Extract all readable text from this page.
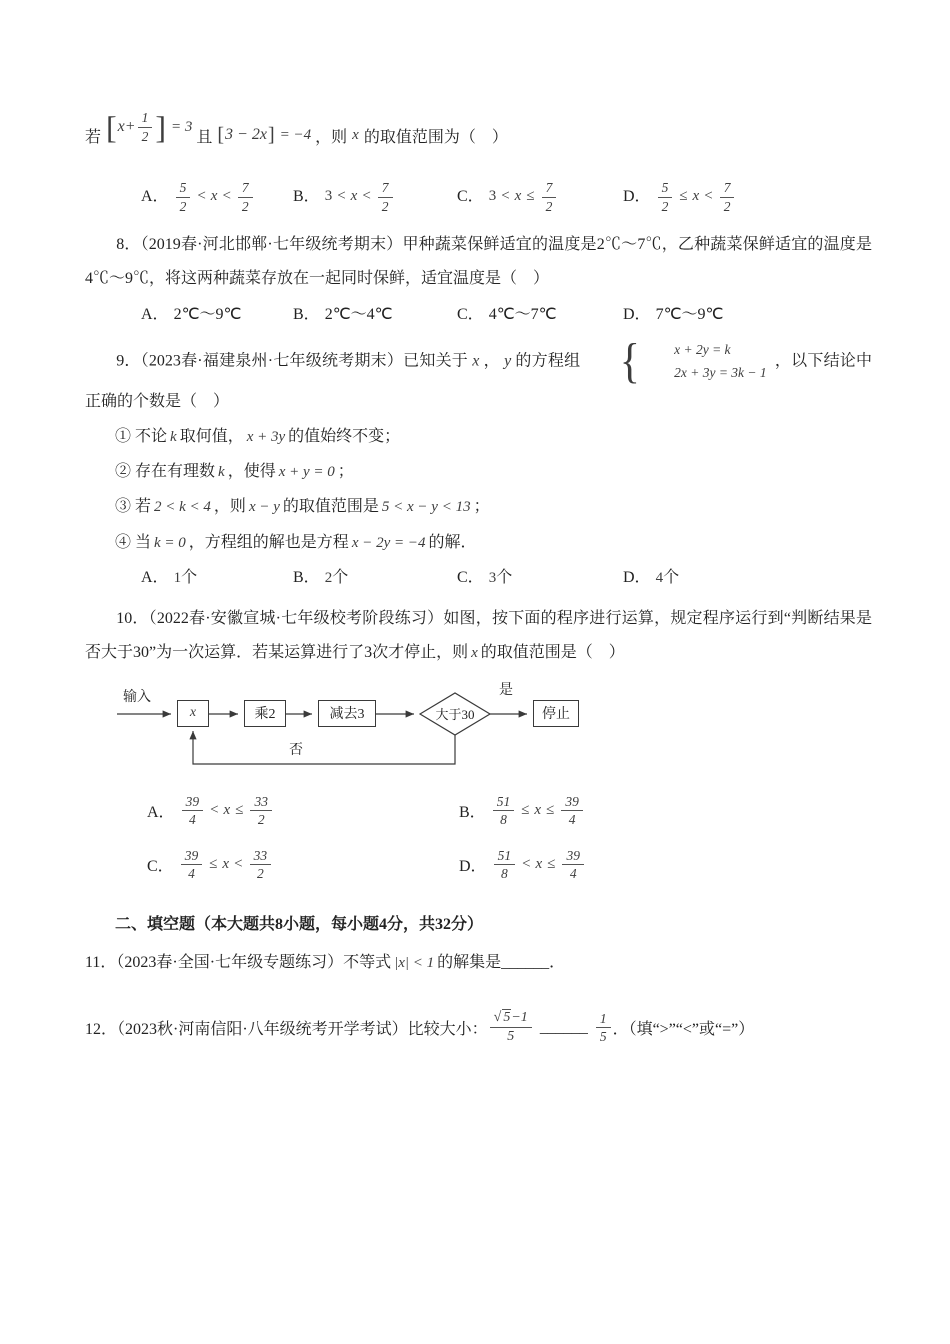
若 [ $x + \frac{1}{2}$ ] = 3
且 [ 3 − 2x ] = −4 ，则 x 的取值范围为（　）
A． $\frac{5}{2} < x < \frac{7}{2}$	B． $3 < x < \frac{7}{2}$	C． $3 < x \le \frac{7}{2}$	D． $\frac{5}{2} \le x < \frac{7}{2}$
8．（2019春·河北邯郸·七年级统考期末）甲种蔬菜保鲜适宜的温度是2℃～7℃，乙种蔬菜保鲜适宜的温度是4℃～9℃，将这两种蔬菜存放在一起同时保鲜，适宜温度是（　）
A． 2℃～9℃	B． 2℃～4℃	C． 4℃～7℃	D． 7℃～9℃
9．（2023春·福建泉州·七年级统考期末）已知关于 x ， y 的方程组 {	x + 2y = k
2x + 3y = 3k − 1
，以下结论中正确的个数是（　）
① 不论 k 取何值， x + 3y 的值始终不变；
② 存在有理数 k ，使得 x + y = 0 ；
③ 若 2 < k < 4 ，则 x − y 的取值范围是 5 < x − y < 13 ；
④ 当 k = 0 ，方程组的解也是方程 x − 2y = −4 的解．
A． 1 个	B． 2 个	C． 3 个	D． 4 个
10．（2022春·安徽宣城·七年级校考阶段练习）如图，按下面的程序进行运算，规定程序运行到“判断结果是否大于30”为一次运算．若某运算进行了3次才停止，则 x 的取值范围是（　）
输入
x	乘2	减去3	大于30
是
停止
否
A． $\frac{39}{4} < x \le \frac{33}{2}$	B． $\frac{51}{8} \le x \le \frac{39}{4}$
C． $\frac{39}{4} \le x < \frac{33}{2}$	D． $\frac{51}{8} < x \le \frac{39}{4}$
二、填空题（本大题共8小题，每小题4分，共32分）
11．（2023春·全国·七年级专题练习）不等式 |x| < 1 的解集是______．
12．（2023秋·河南信阳·八年级统考开学考试）比较大小： $\frac{√ 5-1}{5}$ ______ $\frac{1}{5}$ ．（填“>”“<”或“=”）
